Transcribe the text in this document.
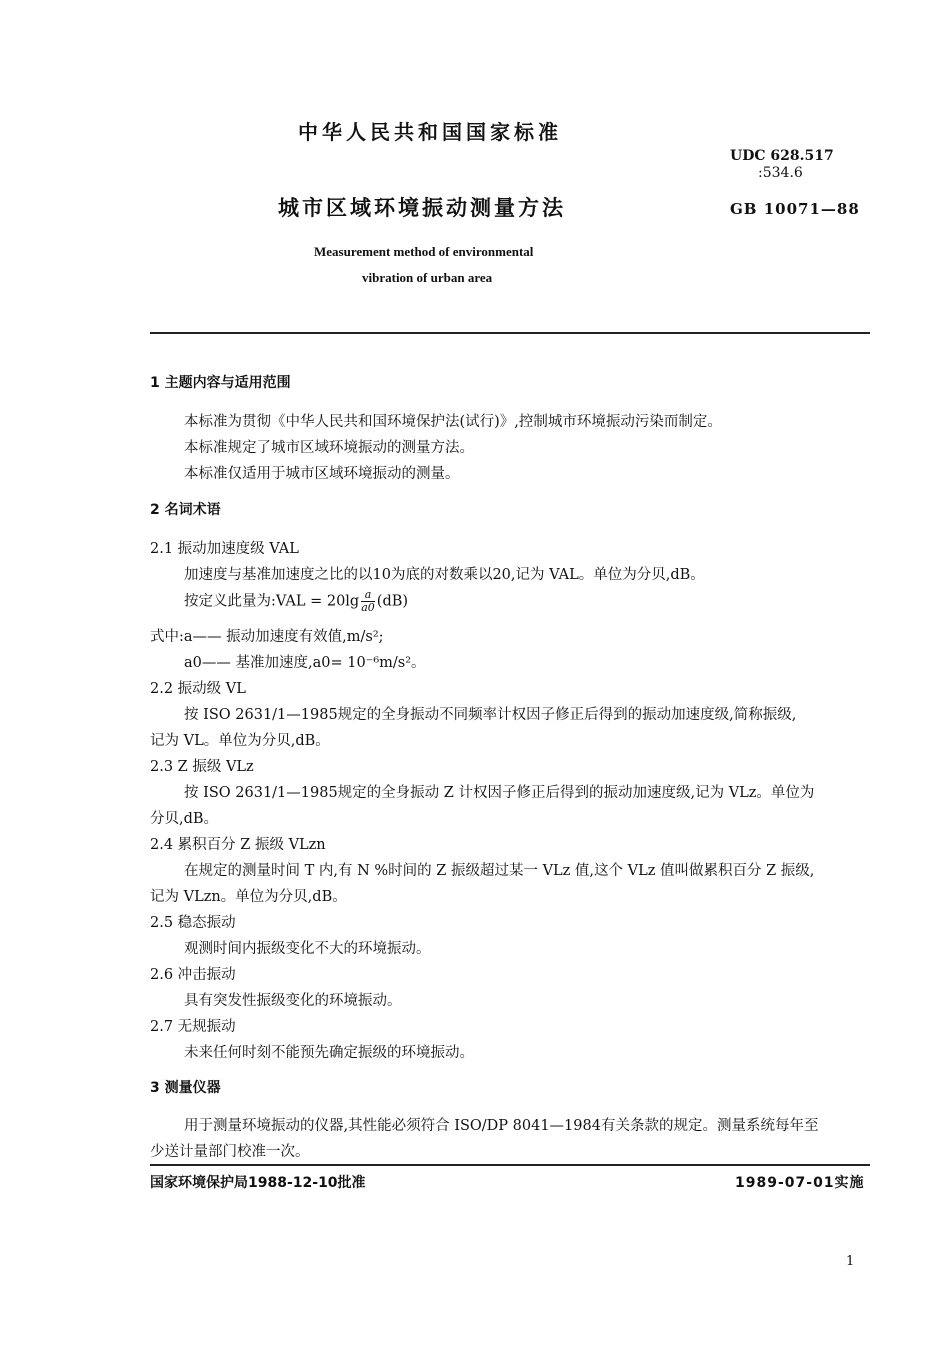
中华人民共和国国家标准
UDC 628.517
:534.6
城市区域环境振动测量方法	GB 10071—88
Measurement method of environmental
vibration of urban area
1 主题内容与适用范围
本标准为贯彻《中华人民共和国环境保护法(试行)》,控制城市环境振动污染而制定。
本标准规定了城市区域环境振动的测量方法。
本标准仅适用于城市区域环境振动的测量。
2 名词术语
2.1 振动加速度级 VAL
加速度与基准加速度之比的以10为底的对数乘以20,记为 VAL。单位为分贝,dB。
按定义此量为:VAL = $20\lg \frac{a}{a0} (dB)$
式中:a—— 振动加速度有效值,m/s²;
a0—— 基准加速度,a0= 10⁻⁶m/s²。
2.2 振动级 VL
按 ISO 2631/1—1985规定的全身振动不同频率计权因子修正后得到的振动加速度级,简称振级,
记为 VL。单位为分贝,dB。
2.3 Z 振级 VLz
按 ISO 2631/1—1985规定的全身振动 Z 计权因子修正后得到的振动加速度级,记为 VLz。单位为
分贝,dB。
2.4 累积百分 Z 振级 VLzn
在规定的测量时间 T 内,有 N %时间的 Z 振级超过某一 VLz 值,这个 VLz 值叫做累积百分 Z 振级,
记为 VLzn。单位为分贝,dB。
2.5 稳态振动
观测时间内振级变化不大的环境振动。
2.6 冲击振动
具有突发性振级变化的环境振动。
2.7 无规振动
未来任何时刻不能预先确定振级的环境振动。
3 测量仪器
用于测量环境振动的仪器,其性能必须符合 ISO/DP 8041—1984有关条款的规定。测量系统每年至
少送计量部门校准一次。
国家环境保护局1988-12-10批准	1989-07-01实施
1
